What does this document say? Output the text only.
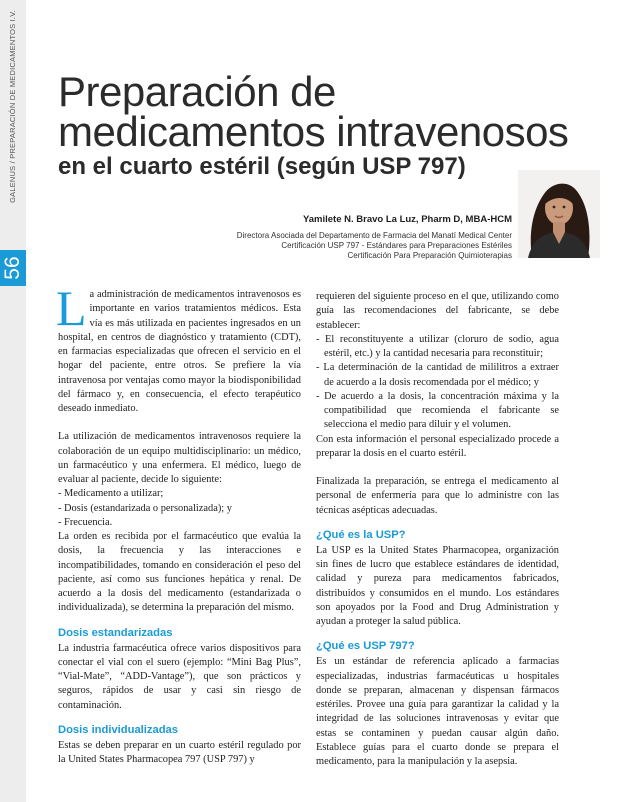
GALENUS / PREPARACIÓN DE MEDICAMENTOS I.V.
56
Preparación de
medicamentos intravenosos
en el cuarto estéril (según USP 797)
Yamilete N. Bravo La Luz, Pharm D, MBA-HCM
Directora Asociada del Departamento de Farmacia del Manatí Medical Center
Certificación USP 797 - Estándares para Preparaciones Estériles
Certificación Para Preparación Quimioterapias

La administración de medicamentos intravenosos es importante en varios tratamientos médicos. Esta vía es más utilizada en pacientes ingresados en un hospital, en centros de diagnóstico y tratamiento (CDT), en farmacias especializadas que ofrecen el servicio en el hogar del paciente, entre otros. Se prefiere la vía intravenosa por ventajas como mayor la biodisponibilidad del fármaco y, en consecuencia, el efecto terapéutico deseado inmediato.

La utilización de medicamentos intravenosos requiere la colaboración de un equipo multidisciplinario: un médico, un farmacéutico y una enfermera. El médico, luego de evaluar al paciente, decide lo siguiente:

- Medicamento a utilizar;

- Dosis (estandarizada o personalizada); y

- Frecuencia.

La orden es recibida por el farmacéutico que evalúa la dosis, la frecuencia y las interacciones e incompatibilidades, tomando en consideración el peso del paciente, así como sus funciones hepática y renal. De acuerdo a la dosis del medicamento (estandarizada o individualizada), se determina la preparación del mismo.

Dosis estandarizadas

La industria farmacéutica ofrece varios dispositivos para conectar el vial con el suero (ejemplo: “Mini Bag Plus”, “Vial-Mate”, “ADD-Vantage”), que son prácticos y seguros, rápidos de usar y casi sin riesgo de contaminación.

Dosis individualizadas

Estas se deben preparar en un cuarto estéril regulado por la United States Pharmacopea 797 (USP 797) y

requieren del siguiente proceso en el que, utilizando como guía las recomendaciones del fabricante, se debe establecer:

- El reconstituyente a utilizar (cloruro de sodio, agua estéril, etc.) y la cantidad necesaria para reconstituir;

- La determinación de la cantidad de mililitros a extraer de acuerdo a la dosis recomendada por el médico; y

- De acuerdo a la dosis, la concentración máxima y la compatibilidad que recomienda el fabricante se selecciona el medio para diluir y el volumen.

Con esta información el personal especializado procede a preparar la dosis en el cuarto estéril.

Finalizada la preparación, se entrega el medicamento al personal de enfermería para que lo administre con las técnicas asépticas adecuadas.

¿Qué es la USP?

La USP es la United States Pharmacopea, organización sin fines de lucro que establece estándares de identidad, calidad y pureza para medicamentos fabricados, distribuidos y consumidos en el mundo. Los estándares son apoyados por la Food and Drug Administration y ayudan a proteger la salud pública.

¿Qué es USP 797?

Es un estándar de referencia aplicado a farmacias especializadas, industrias farmacéuticas u hospitales donde se preparan, almacenan y dispensan fármacos estériles. Provee una guía para garantizar la calidad y la integridad de las soluciones intravenosas y evitar que estas se contaminen y puedan causar algún daño. Establece guías para el cuarto donde se prepara el medicamento, para la manipulación y la asepsia.
